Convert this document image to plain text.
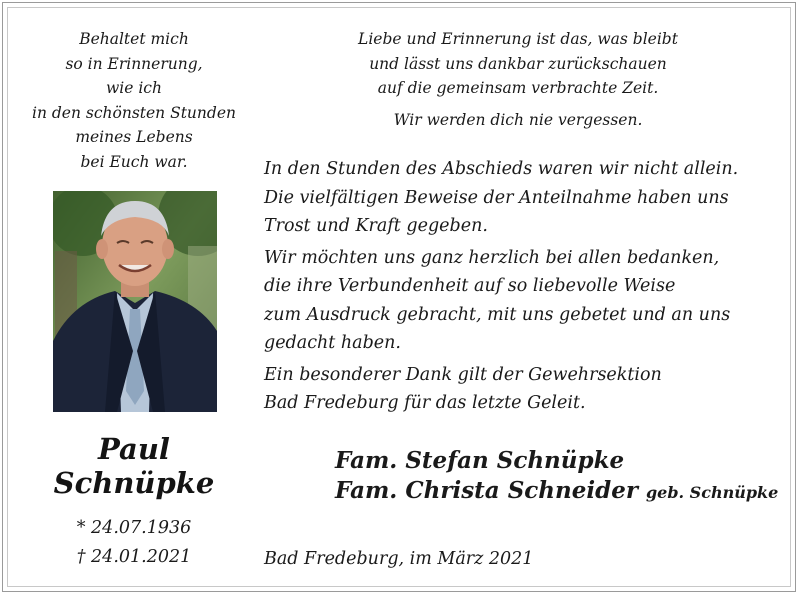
Behaltet mich
so in Erinnerung,
wie ich
in den schönsten Stunden
meines Lebens
bei Euch war.
Paul
Schnüpke
* 24.07.1936
† 24.01.2021
Liebe und Erinnerung ist das, was bleibt
und lässt uns dankbar zurückschauen
auf die gemeinsam verbrachte Zeit.
Wir werden dich nie vergessen.

In den Stunden des Abschieds waren wir nicht allein.
Die vielfältigen Beweise der Anteilnahme haben uns
Trost und Kraft gegeben.

Wir möchten uns ganz herzlich bei allen bedanken,
die ihre Verbundenheit auf so liebevolle Weise
zum Ausdruck gebracht, mit uns gebetet und an uns
gedacht haben.

Ein besonderer Dank gilt der Gewehrsektion
Bad Fredeburg für das letzte Geleit.

Fam. Stefan Schnüpke
Fam. Christa Schneider geb. Schnüpke
Bad Fredeburg, im März 2021
